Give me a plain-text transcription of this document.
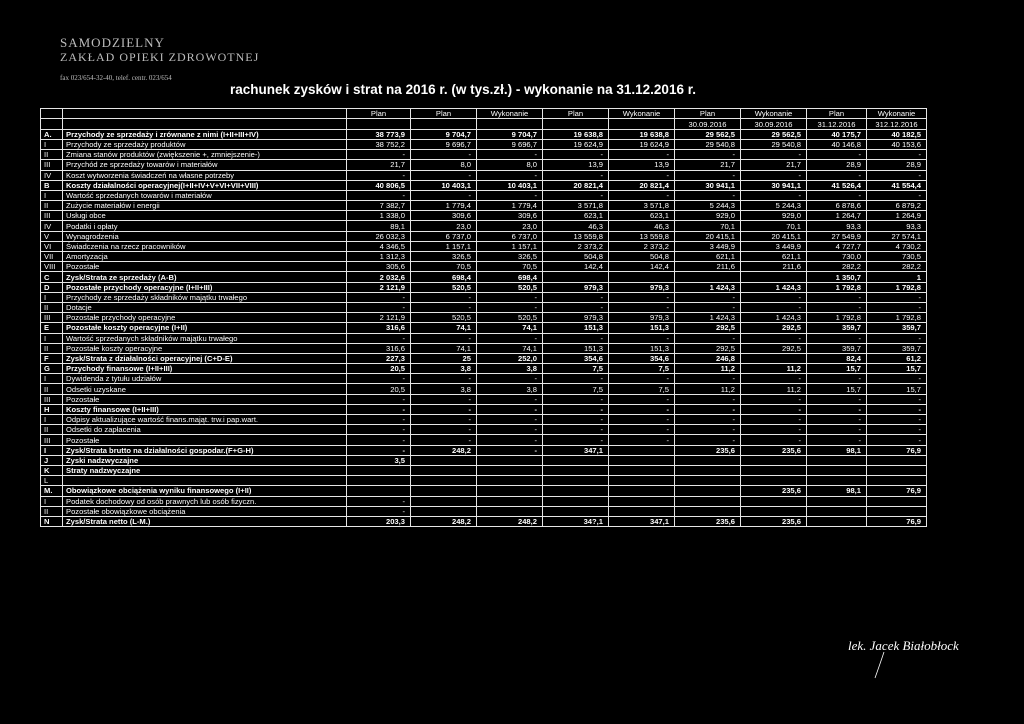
SAMODZIELNY
ZAKŁAD OPIEKI ZDROWOTNEJ
fax 023/654-32-40, telef. centr. 023/654
rachunek zysków i strat na 2016 r. (w tys.zł.) - wykonanie na 31.12.2016 r.
		Plan	Plan	Wykonanie	Plan	Wykonanie	Plan	Wykonanie	Plan	Wykonanie
							30.09.2016	30.09.2016	31.12.2016	312.12.2016
A.	Przychody ze sprzedaży i zrównane z nimi (I+II+III+IV)	38 773,9	9 704,7	9 704,7	19 638,8	19 638,8	29 562,5	29 562,5	40 175,7	40 182,5
I	Przychody ze sprzedaży produktów	38 752,2	9 696,7	9 696,7	19 624,9	19 624,9	29 540,8	29 540,8	40 146,8	40 153,6
II	Zmiana stanów produktów (zwiększenie +, zmniejszenie-)	-	-	-	-	-	-	-	-	-
III	Przychód ze sprzedaży towarów i materiałów	21,7	8,0	8,0	13,9	13,9	21,7	21,7	28,9	28,9
IV	Koszt wytworzenia świadczeń na własne potrzeby	-	-	-	-	-	-	-	-	-
B	Koszty działalności operacyjnej(I+II+IV+V+VI+VII+VIII)	40 806,5	10 403,1	10 403,1	20 821,4	20 821,4	30 941,1	30 941,1	41 526,4	41 554,4
I	Wartość sprzedanych towarów i materiałów	-	-	-	-	-	-	-	-	-
II	Zużycie materiałów i energii	7 382,7	1 779,4	1 779,4	3 571,8	3 571,8	5 244,3	5 244,3	6 878,6	6 879,2
III	Usługi obce	1 338,0	309,6	309,6	623,1	623,1	929,0	929,0	1 264,7	1 264,9
IV	Podatki i opłaty	89,1	23,0	23,0	46,3	46,3	70,1	70,1	93,3	93,3
V	Wynagrodzenia	26 032,3	6 737,0	6 737,0	13 559,8	13 559,8	20 415,1	20 415,1	27 549,9	27 574,1
VI	Świadczenia na rzecz pracowników	4 346,5	1 157,1	1 157,1	2 373,2	2 373,2	3 449,9	3 449,9	4 727,7	4 730,2
VII	Amortyzacja	1 312,3	326,5	326,5	504,8	504,8	621,1	621,1	730,0	730,5
VIII	Pozostałe	305,6	70,5	70,5	142,4	142,4	211,6	211,6	282,2	282,2
C	Zysk/Strata ze sprzedaży (A-B)	2 032,6	698,4	698,4					1 350,7	1
D	Pozostałe przychody operacyjne (I+II+III)	2 121,9	520,5	520,5	979,3	979,3	1 424,3	1 424,3	1 792,8	1 792,8
I	Przychody ze sprzedaży składników majątku trwałego	-	-	-	-	-	-	-	-	-
II	Dotacje	-	-	-	-	-	-	-	-	-
III	Pozostałe przychody operacyjne	2 121,9	520,5	520,5	979,3	979,3	1 424,3	1 424,3	1 792,8	1 792,8
E	Pozostałe koszty operacyjne (I+II)	316,6	74,1	74,1	151,3	151,3	292,5	292,5	359,7	359,7
I	Wartość sprzedanych składników majątku trwałego	-	-	-	-	-	-	-	-	-
II	Pozostałe koszty operacyjne	316,6	74,1	74,1	151,3	151,3	292,5	292,5	359,7	359,7
F	Zysk/Strata z działalności operacyjnej (C+D-E)	227,3	25	252,0	354,6	354,6	246,8		82,4	61,2
G	Przychody finansowe (I+II+III)	20,5	3,8	3,8	7,5	7,5	11,2	11,2	15,7	15,7
I	Dywidenda z tytułu udziałów	-	-	-	-	-	-	-	-	-
II	Odsetki uzyskane	20,5	3,8	3,8	7,5	7,5	11,2	11,2	15,7	15,7
III	Pozostałe	-	-	-	-	-	-	-	-	-
H	Koszty finansowe (I+II+III)	-	-	-	-	-	-	-	-	-
I	Odpisy aktualizujące wartość finans.mająt. trw.i pap.wart.	-	-	-	-	-	-	-	-	-
II	Odsetki do zapłacenia	-	-	-	-	-	-	-	-	-
III	Pozostałe	-	-	-	-	-	-	-	-	-
I	Zysk/Strata brutto na działalności gospodar.(F+G-H)	-	248,2	-	347,1		235,6	235,6	98,1	76,9
J	Zyski nadzwyczajne	3,5								
K	Straty nadzwyczajne									
L										
M.	Obowiązkowe obciążenia wyniku finansowego (I+II)							235,6	98,1	76,9
I	Podatek dochodowy od osób prawnych lub osób fizyczn.	-								
II	Pozostałe obowiązkowe obciążenia	-								
N	Zysk/Strata netto (L-M.)	203,3	248,2	248,2	34?,1	347,1	235,6	235,6		76,9
lek. Jacek Białobłock
